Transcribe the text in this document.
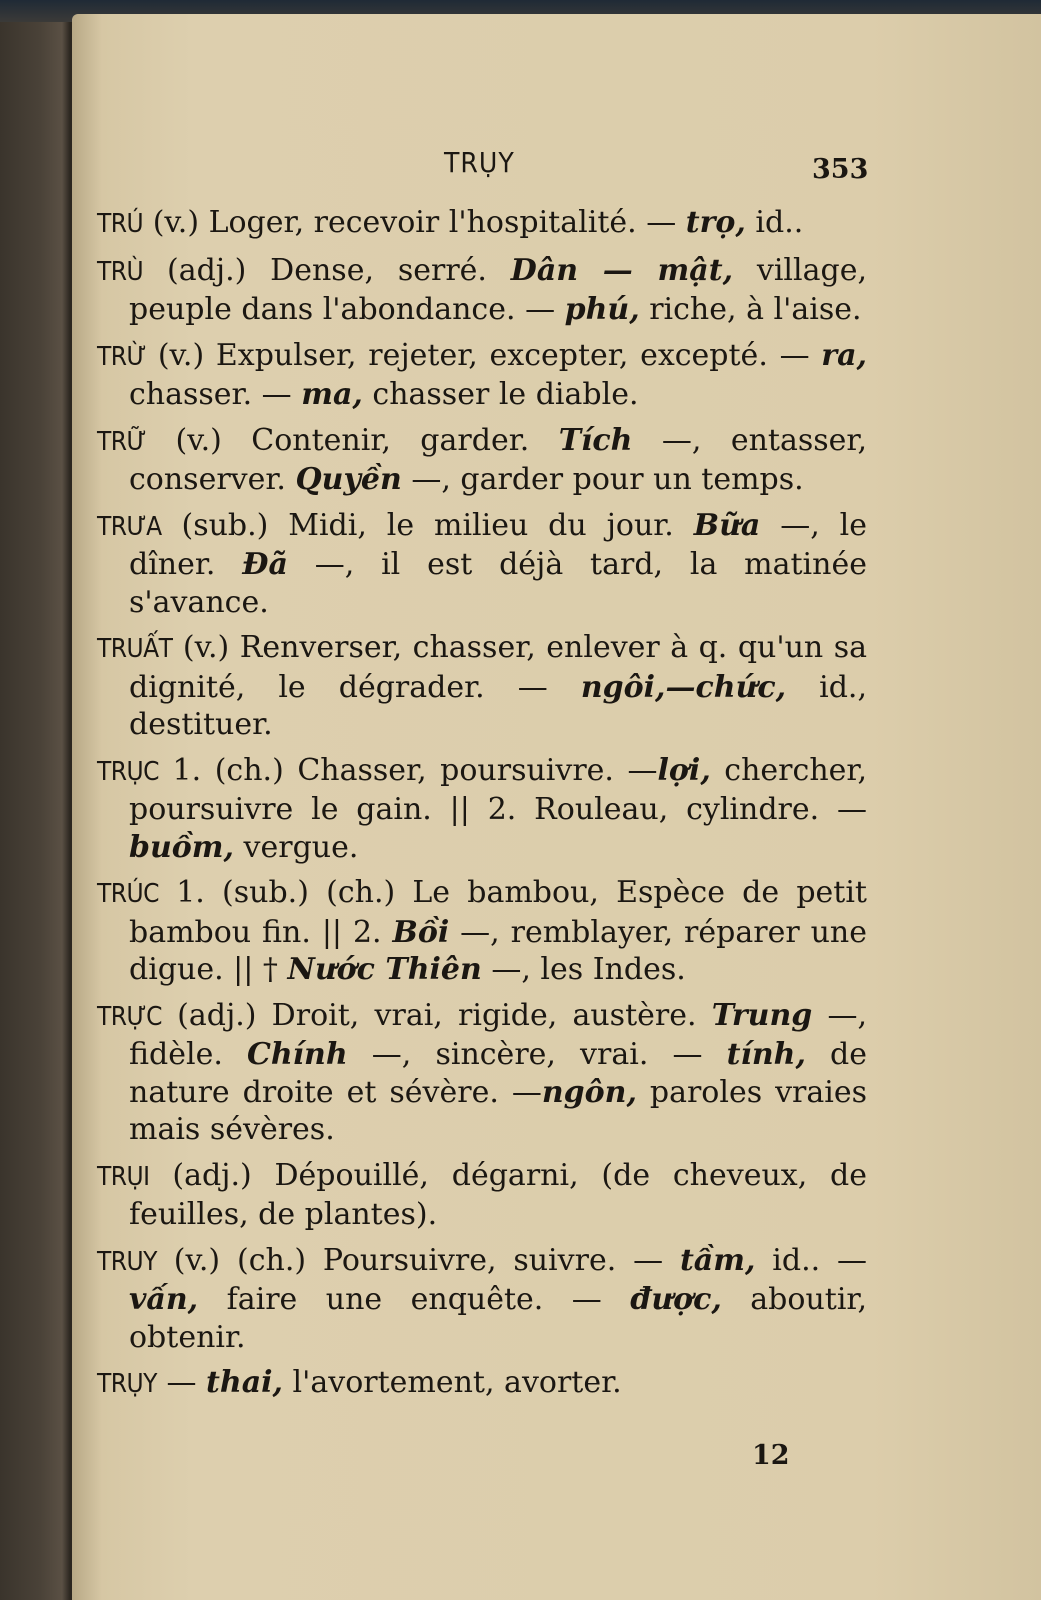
TRỤY	353

TRÚ (v.) Loger, recevoir l'hospitalité. — trọ, id..

TRÙ (adj.) Dense, serré. Dân — mật, village, peuple dans l'abondance. — phú, riche, à l'aise.

TRỪ (v.) Expulser, rejeter, excepter, excepté. — ra, chasser. — ma, chasser le diable.

TRỮ (v.) Contenir, garder. Tích —, entasser, conserver. Quyền —, garder pour un temps.

TRƯA (sub.) Midi, le milieu du jour. Bữa —, le dîner. Đã —, il est déjà tard, la matinée s'avance.

TRUẤT (v.) Renverser, chasser, enlever à q. qu'un sa dignité, le dégrader. — ngôi,—chức, id., destituer.

TRỤC 1. (ch.) Chasser, poursuivre. —lợi, chercher, poursuivre le gain. || 2. Rouleau, cylindre. — buồm, vergue.

TRÚC 1. (sub.) (ch.) Le bambou, Espèce de petit bambou fin. || 2. Bồi —, remblayer, réparer une digue. || † Nước Thiên —, les Indes.

TRỰC (adj.) Droit, vrai, rigide, austère. Trung —, fidèle. Chính —, sincère, vrai. — tính, de nature droite et sévère. —ngôn, paroles vraies mais sévères.

TRỤI (adj.) Dépouillé, dégarni, (de cheveux, de feuilles, de plantes).

TRUY (v.) (ch.) Poursuivre, suivre. — tầm, id.. — vấn, faire une enquête. — được, aboutir, obtenir.

TRỤY — thai, l'avortement, avorter.

12
